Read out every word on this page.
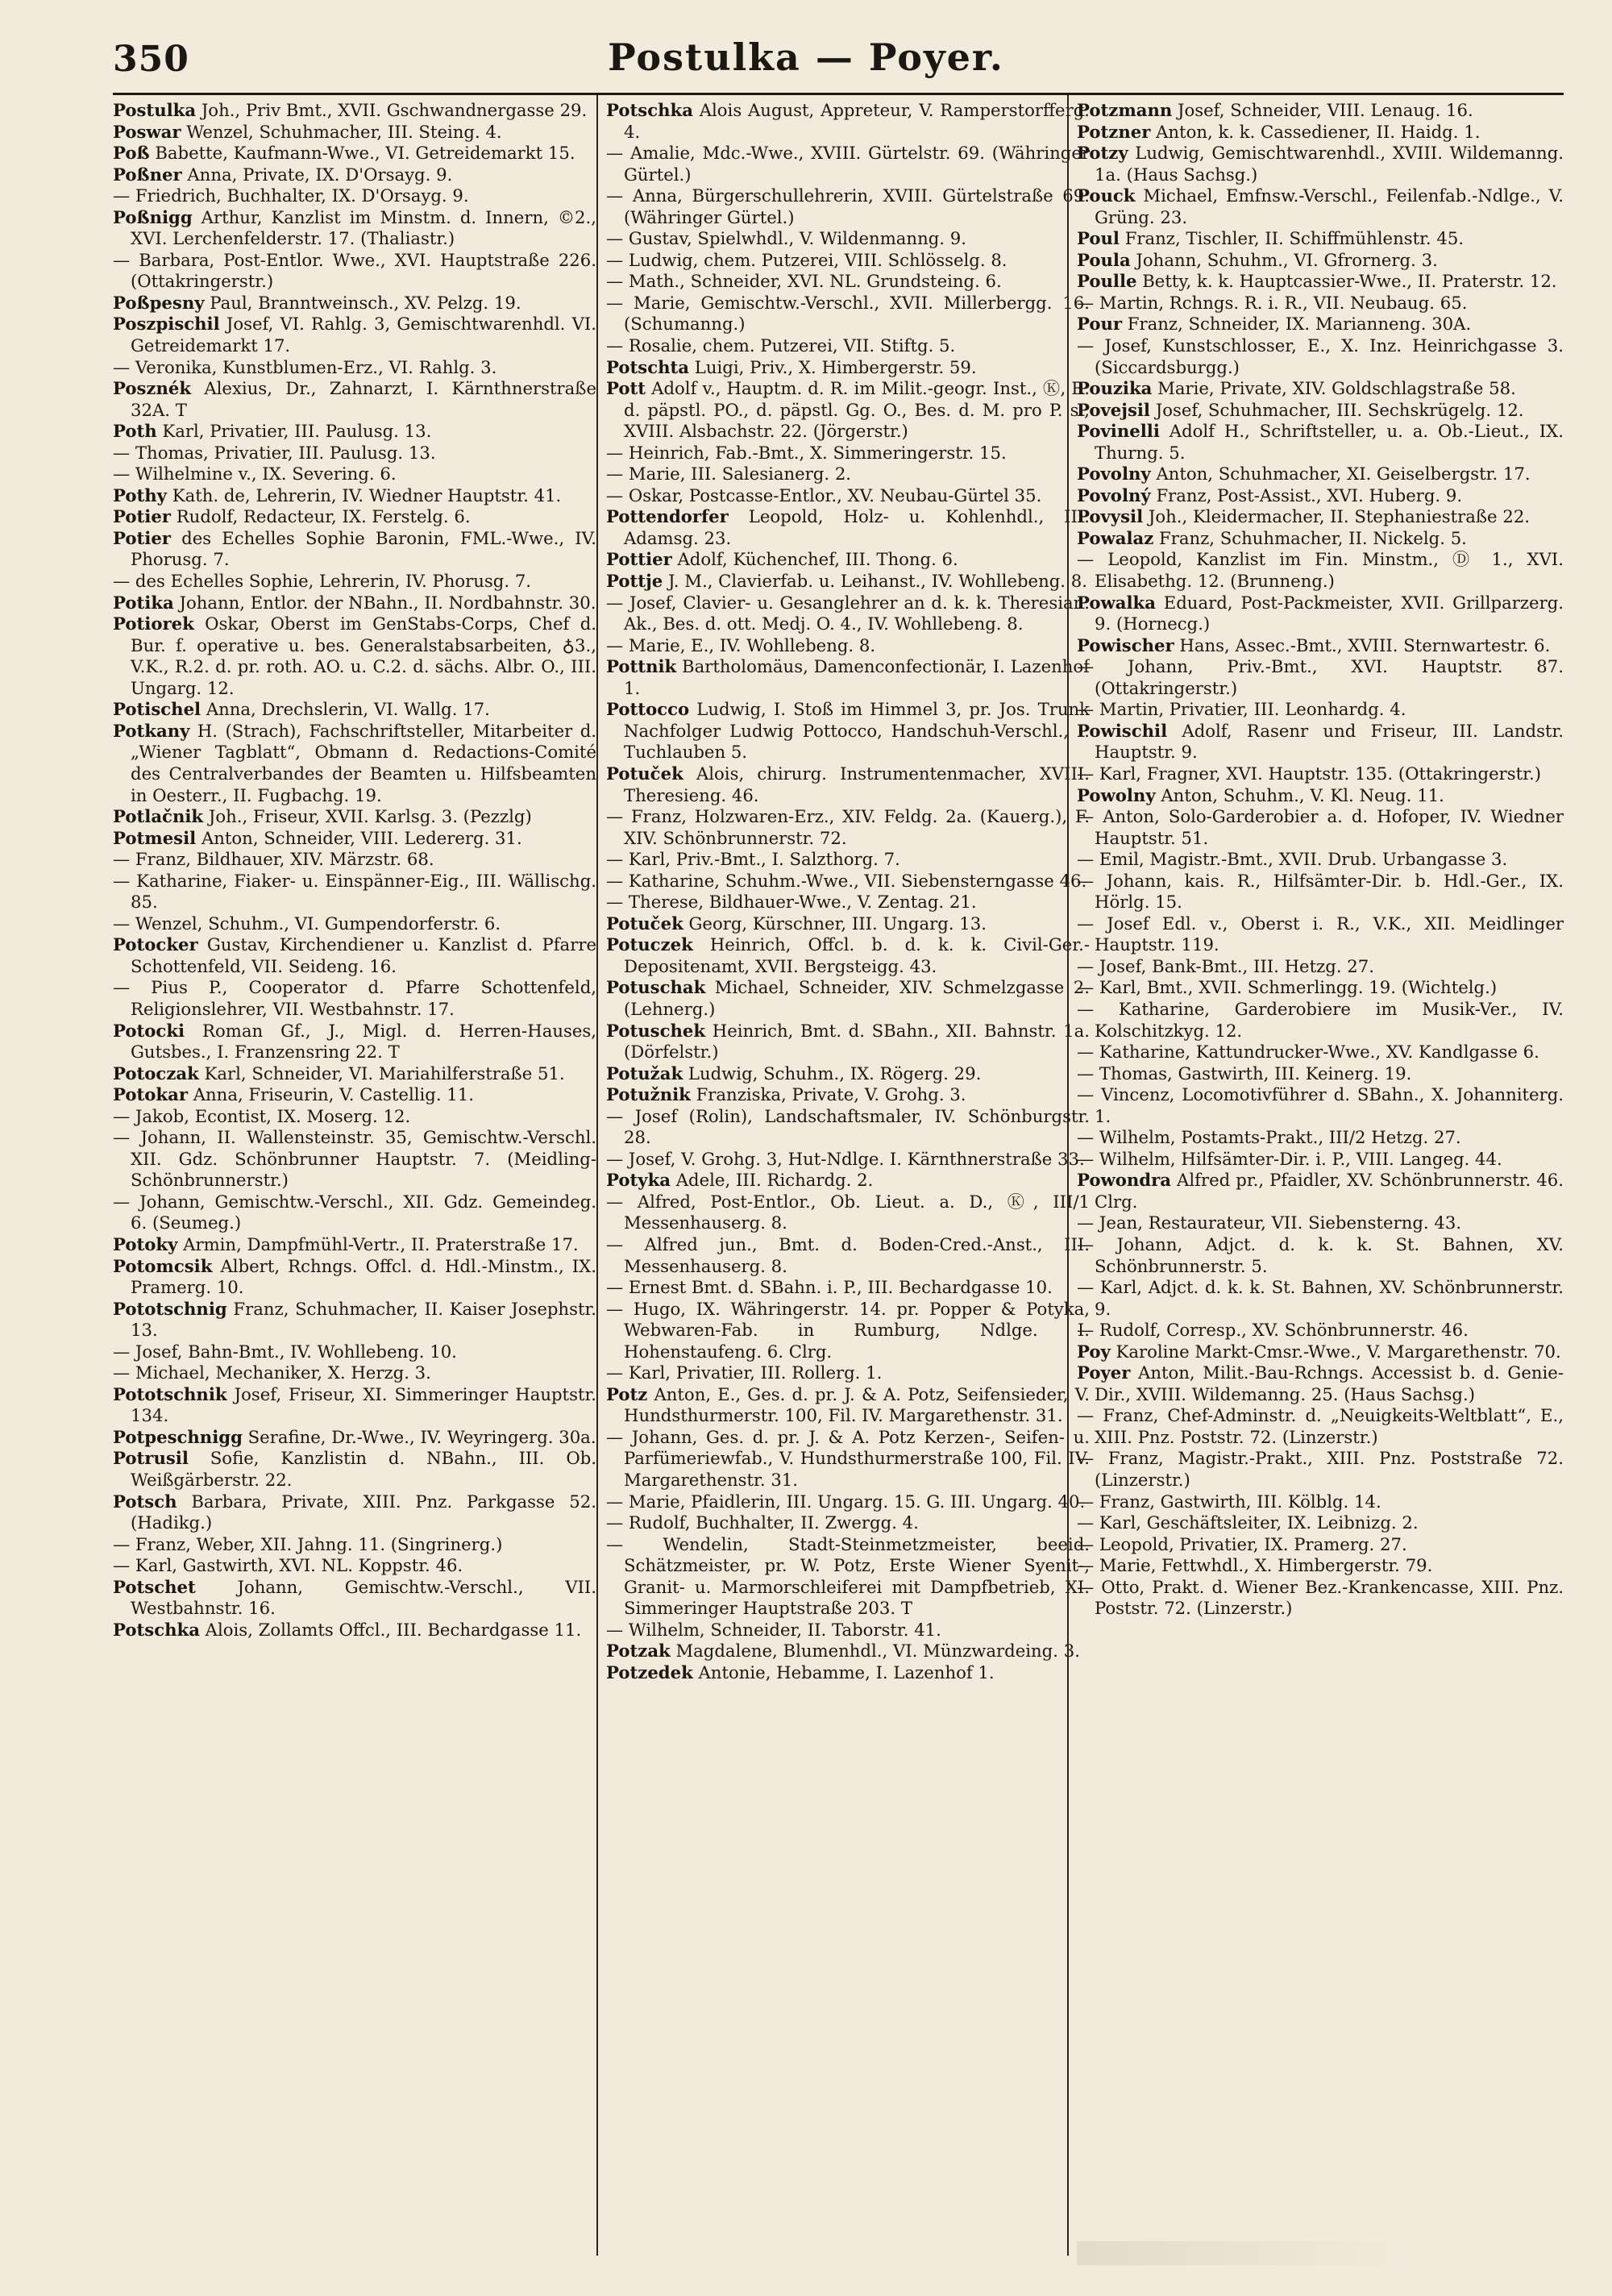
350	Postulka — Poyer.
Postulka Joh., Priv Bmt., XVII. Gschwandnergasse 29.
Poswar Wenzel, Schuhmacher, III. Steing. 4.
Poß Babette, Kaufmann-Wwe., VI. Getreidemarkt 15.
Poßner Anna, Private, IX. D'Orsayg. 9.
— Friedrich, Buchhalter, IX. D'Orsayg. 9.
Poßnigg Arthur, Kanzlist im Minstm. d. Innern, ©2., XVI. Lerchenfelderstr. 17. (Thaliastr.)
— Barbara, Post-Entlor. Wwe., XVI. Hauptstraße 226. (Ottakringerstr.)
Poßpesny Paul, Branntweinsch., XV. Pelzg. 19.
Poszpischil Josef, VI. Rahlg. 3, Gemischtwarenhdl. VI. Getreidemarkt 17.
— Veronika, Kunstblumen-Erz., VI. Rahlg. 3.
Posznék Alexius, Dr., Zahnarzt, I. Kärnthnerstraße 32A. T
Poth Karl, Privatier, III. Paulusg. 13.
— Thomas, Privatier, III. Paulusg. 13.
— Wilhelmine v., IX. Severing. 6.
Pothy Kath. de, Lehrerin, IV. Wiedner Hauptstr. 41.
Potier Rudolf, Redacteur, IX. Ferstelg. 6.
Potier des Echelles Sophie Baronin, FML.-Wwe., IV. Phorusg. 7.
— des Echelles Sophie, Lehrerin, IV. Phorusg. 7.
Potika Johann, Entlor. der NBahn., II. Nordbahnstr. 30.
Potiorek Oskar, Oberst im GenStabs-Corps, Chef d. Bur. f. operative u. bes. Generalstabsarbeiten, ♁3., V.K., R.2. d. pr. roth. AO. u. C.2. d. sächs. Albr. O., III. Ungarg. 12.
Potischel Anna, Drechslerin, VI. Wallg. 17.
Potkany H. (Strach), Fachschriftsteller, Mitarbeiter d. „Wiener Tagblatt“, Obmann d. Redactions-Comité des Centralverbandes der Beamten u. Hilfsbeamten in Oesterr., II. Fugbachg. 19.
Potlačnik Joh., Friseur, XVII. Karlsg. 3. (Pezzlg)
Potmesil Anton, Schneider, VIII. Ledererg. 31.
— Franz, Bildhauer, XIV. Märzstr. 68.
— Katharine, Fiaker- u. Einspänner-Eig., III. Wällischg. 85.
— Wenzel, Schuhm., VI. Gumpendorferstr. 6.
Potocker Gustav, Kirchendiener u. Kanzlist d. Pfarre Schottenfeld, VII. Seideng. 16.
— Pius P., Cooperator d. Pfarre Schottenfeld, Religionslehrer, VII. Westbahnstr. 17.
Potocki Roman Gf., J., Migl. d. Herren-Hauses, Gutsbes., I. Franzensring 22. T
Potoczak Karl, Schneider, VI. Mariahilferstraße 51.
Potokar Anna, Friseurin, V. Castellig. 11.
— Jakob, Econtist, IX. Moserg. 12.
— Johann, II. Wallensteinstr. 35, Gemischtw.-Verschl. XII. Gdz. Schönbrunner Hauptstr. 7. (Meidling-Schönbrunnerstr.)
— Johann, Gemischtw.-Verschl., XII. Gdz. Gemeindeg. 6. (Seumeg.)
Potoky Armin, Dampfmühl-Vertr., II. Praterstraße 17.
Potomcsik Albert, Rchngs. Offcl. d. Hdl.-Minstm., IX. Pramerg. 10.
Pototschnig Franz, Schuhmacher, II. Kaiser Josephstr. 13.
— Josef, Bahn-Bmt., IV. Wohllebeng. 10.
— Michael, Mechaniker, X. Herzg. 3.
Pototschnik Josef, Friseur, XI. Simmeringer Hauptstr. 134.
Potpeschnigg Serafine, Dr.-Wwe., IV. Weyringerg. 30a.
Potrusil Sofie, Kanzlistin d. NBahn., III. Ob. Weißgärberstr. 22.
Potsch Barbara, Private, XIII. Pnz. Parkgasse 52. (Hadikg.)
— Franz, Weber, XII. Jahng. 11. (Singrinerg.)
— Karl, Gastwirth, XVI. NL. Koppstr. 46.
Potschet Johann, Gemischtw.-Verschl., VII. Westbahnstr. 16.
Potschka Alois, Zollamts Offcl., III. Bechardgasse 11.
Potschka Alois August, Appreteur, V. Ramperstorfferg. 4.
— Amalie, Mdc.-Wwe., XVIII. Gürtelstr. 69. (Währinger Gürtel.)
— Anna, Bürgerschullehrerin, XVIII. Gürtelstraße 69. (Währinger Gürtel.)
— Gustav, Spielwhdl., V. Wildenmanng. 9.
— Ludwig, chem. Putzerei, VIII. Schlösselg. 8.
— Math., Schneider, XVI. NL. Grundsteing. 6.
— Marie, Gemischtw.-Verschl., XVII. Millerbergg. 16. (Schumanng.)
— Rosalie, chem. Putzerei, VII. Stiftg. 5.
Potschta Luigi, Priv., X. Himbergerstr. 59.
Pott Adolf v., Hauptm. d. R. im Milit.-geogr. Inst., Ⓚ, R. d. päpstl. PO., d. päpstl. Gg. O., Bes. d. M. pro P. s., XVIII. Alsbachstr. 22. (Jörgerstr.)
— Heinrich, Fab.-Bmt., X. Simmeringerstr. 15.
— Marie, III. Salesianerg. 2.
— Oskar, Postcasse-Entlor., XV. Neubau-Gürtel 35.
Pottendorfer Leopold, Holz- u. Kohlenhdl., III. Adamsg. 23.
Pottier Adolf, Küchenchef, III. Thong. 6.
Pottje J. M., Clavierfab. u. Leihanst., IV. Wohllebeng. 8.
— Josef, Clavier- u. Gesanglehrer an d. k. k. Theresian. Ak., Bes. d. ott. Medj. O. 4., IV. Wohllebeng. 8.
— Marie, E., IV. Wohllebeng. 8.
Pottnik Bartholomäus, Damenconfectionär, I. Lazenhof 1.
Pottocco Ludwig, I. Stoß im Himmel 3, pr. Jos. Trunk Nachfolger Ludwig Pottocco, Handschuh-Verschl., I. Tuchlauben 5.
Potuček Alois, chirurg. Instrumentenmacher, XVIII. Theresieng. 46.
— Franz, Holzwaren-Erz., XIV. Feldg. 2a. (Kauerg.), F. XIV. Schönbrunnerstr. 72.
— Karl, Priv.-Bmt., I. Salzthorg. 7.
— Katharine, Schuhm.-Wwe., VII. Siebensterngasse 46.
— Therese, Bildhauer-Wwe., V. Zentag. 21.
Potuček Georg, Kürschner, III. Ungarg. 13.
Potuczek Heinrich, Offcl. b. d. k. k. Civil-Ger.-Depositenamt, XVII. Bergsteigg. 43.
Potuschak Michael, Schneider, XIV. Schmelzgasse 2. (Lehnerg.)
Potuschek Heinrich, Bmt. d. SBahn., XII. Bahnstr. 1a. (Dörfelstr.)
Potužak Ludwig, Schuhm., IX. Rögerg. 29.
Potužnik Franziska, Private, V. Grohg. 3.
— Josef (Rolin), Landschaftsmaler, IV. Schönburgstr. 28.
— Josef, V. Grohg. 3, Hut-Ndlge. I. Kärnthnerstraße 33.
Potyka Adele, III. Richardg. 2.
— Alfred, Post-Entlor., Ob. Lieut. a. D., Ⓚ, III/1 Messenhauserg. 8.
— Alfred jun., Bmt. d. Boden-Cred.-Anst., III. Messenhauserg. 8.
— Ernest Bmt. d. SBahn. i. P., III. Bechardgasse 10.
— Hugo, IX. Währingerstr. 14. pr. Popper & Potyka, Webwaren-Fab. in Rumburg, Ndlge. I. Hohenstaufeng. 6. Clrg.
— Karl, Privatier, III. Rollerg. 1.
Potz Anton, E., Ges. d. pr. J. & A. Potz, Seifensieder, V. Hundsthurmerstr. 100, Fil. IV. Margarethenstr. 31.
— Johann, Ges. d. pr. J. & A. Potz Kerzen-, Seifen- u. Parfümeriewfab., V. Hundsthurmerstraße 100, Fil. IV. Margarethenstr. 31.
— Marie, Pfaidlerin, III. Ungarg. 15. G. III. Ungarg. 40.
— Rudolf, Buchhalter, II. Zwergg. 4.
— Wendelin, Stadt-Steinmetzmeister, beeid. Schätzmeister, pr. W. Potz, Erste Wiener Syenit-, Granit- u. Marmorschleiferei mit Dampfbetrieb, XI. Simmeringer Hauptstraße 203. T
— Wilhelm, Schneider, II. Taborstr. 41.
Potzak Magdalene, Blumenhdl., VI. Münzwardeing. 3.
Potzedek Antonie, Hebamme, I. Lazenhof 1.
Potzmann Josef, Schneider, VIII. Lenaug. 16.
Potzner Anton, k. k. Cassediener, II. Haidg. 1.
Potzy Ludwig, Gemischtwarenhdl., XVIII. Wildemanng. 1a. (Haus Sachsg.)
Pouck Michael, Emfnsw.-Verschl., Feilenfab.-Ndlge., V. Grüng. 23.
Poul Franz, Tischler, II. Schiffmühlenstr. 45.
Poula Johann, Schuhm., VI. Gfrornerg. 3.
Poulle Betty, k. k. Hauptcassier-Wwe., II. Praterstr. 12.
— Martin, Rchngs. R. i. R., VII. Neubaug. 65.
Pour Franz, Schneider, IX. Marianneng. 30A.
— Josef, Kunstschlosser, E., X. Inz. Heinrichgasse 3. (Siccardsburgg.)
Pouzika Marie, Private, XIV. Goldschlagstraße 58.
Povejsil Josef, Schuhmacher, III. Sechskrügelg. 12.
Povinelli Adolf H., Schriftsteller, u. a. Ob.-Lieut., IX. Thurng. 5.
Povolny Anton, Schuhmacher, XI. Geiselbergstr. 17.
Povolný Franz, Post-Assist., XVI. Huberg. 9.
Povysil Joh., Kleidermacher, II. Stephaniestraße 22.
Powalaz Franz, Schuhmacher, II. Nickelg. 5.
— Leopold, Kanzlist im Fin. Minstm., Ⓓ 1., XVI. Elisabethg. 12. (Brunneng.)
Powalka Eduard, Post-Packmeister, XVII. Grillparzerg. 9. (Hornecg.)
Powischer Hans, Assec.-Bmt., XVIII. Sternwartestr. 6.
— Johann, Priv.-Bmt., XVI. Hauptstr. 87. (Ottakringerstr.)
— Martin, Privatier, III. Leonhardg. 4.
Powischil Adolf, Rasenr und Friseur, III. Landstr. Hauptstr. 9.
— Karl, Fragner, XVI. Hauptstr. 135. (Ottakringerstr.)
Powolny Anton, Schuhm., V. Kl. Neug. 11.
— Anton, Solo-Garderobier a. d. Hofoper, IV. Wiedner Hauptstr. 51.
— Emil, Magistr.-Bmt., XVII. Drub. Urbangasse 3.
— Johann, kais. R., Hilfsämter-Dir. b. Hdl.-Ger., IX. Hörlg. 15.
— Josef Edl. v., Oberst i. R., V.K., XII. Meidlinger Hauptstr. 119.
— Josef, Bank-Bmt., III. Hetzg. 27.
— Karl, Bmt., XVII. Schmerlingg. 19. (Wichtelg.)
— Katharine, Garderobiere im Musik-Ver., IV. Kolschitzkyg. 12.
— Katharine, Kattundrucker-Wwe., XV. Kandlgasse 6.
— Thomas, Gastwirth, III. Keinerg. 19.
— Vincenz, Locomotivführer d. SBahn., X. Johanniterg. 1.
— Wilhelm, Postamts-Prakt., III/2 Hetzg. 27.
— Wilhelm, Hilfsämter-Dir. i. P., VIII. Langeg. 44.
Powondra Alfred pr., Pfaidler, XV. Schönbrunnerstr. 46. Clrg.
— Jean, Restaurateur, VII. Siebensterng. 43.
— Johann, Adjct. d. k. k. St. Bahnen, XV. Schönbrunnerstr. 5.
— Karl, Adjct. d. k. k. St. Bahnen, XV. Schönbrunnerstr. 9.
— Rudolf, Corresp., XV. Schönbrunnerstr. 46.
Poy Karoline Markt-Cmsr.-Wwe., V. Margarethenstr. 70.
Poyer Anton, Milit.-Bau-Rchngs. Accessist b. d. Genie-Dir., XVIII. Wildemanng. 25. (Haus Sachsg.)
— Franz, Chef-Adminstr. d. „Neuigkeits-Weltblatt“, E., XIII. Pnz. Poststr. 72. (Linzerstr.)
— Franz, Magistr.-Prakt., XIII. Pnz. Poststraße 72. (Linzerstr.)
— Franz, Gastwirth, III. Kölblg. 14.
— Karl, Geschäftsleiter, IX. Leibnizg. 2.
— Leopold, Privatier, IX. Pramerg. 27.
— Marie, Fettwhdl., X. Himbergerstr. 79.
— Otto, Prakt. d. Wiener Bez.-Krankencasse, XIII. Pnz. Poststr. 72. (Linzerstr.)
